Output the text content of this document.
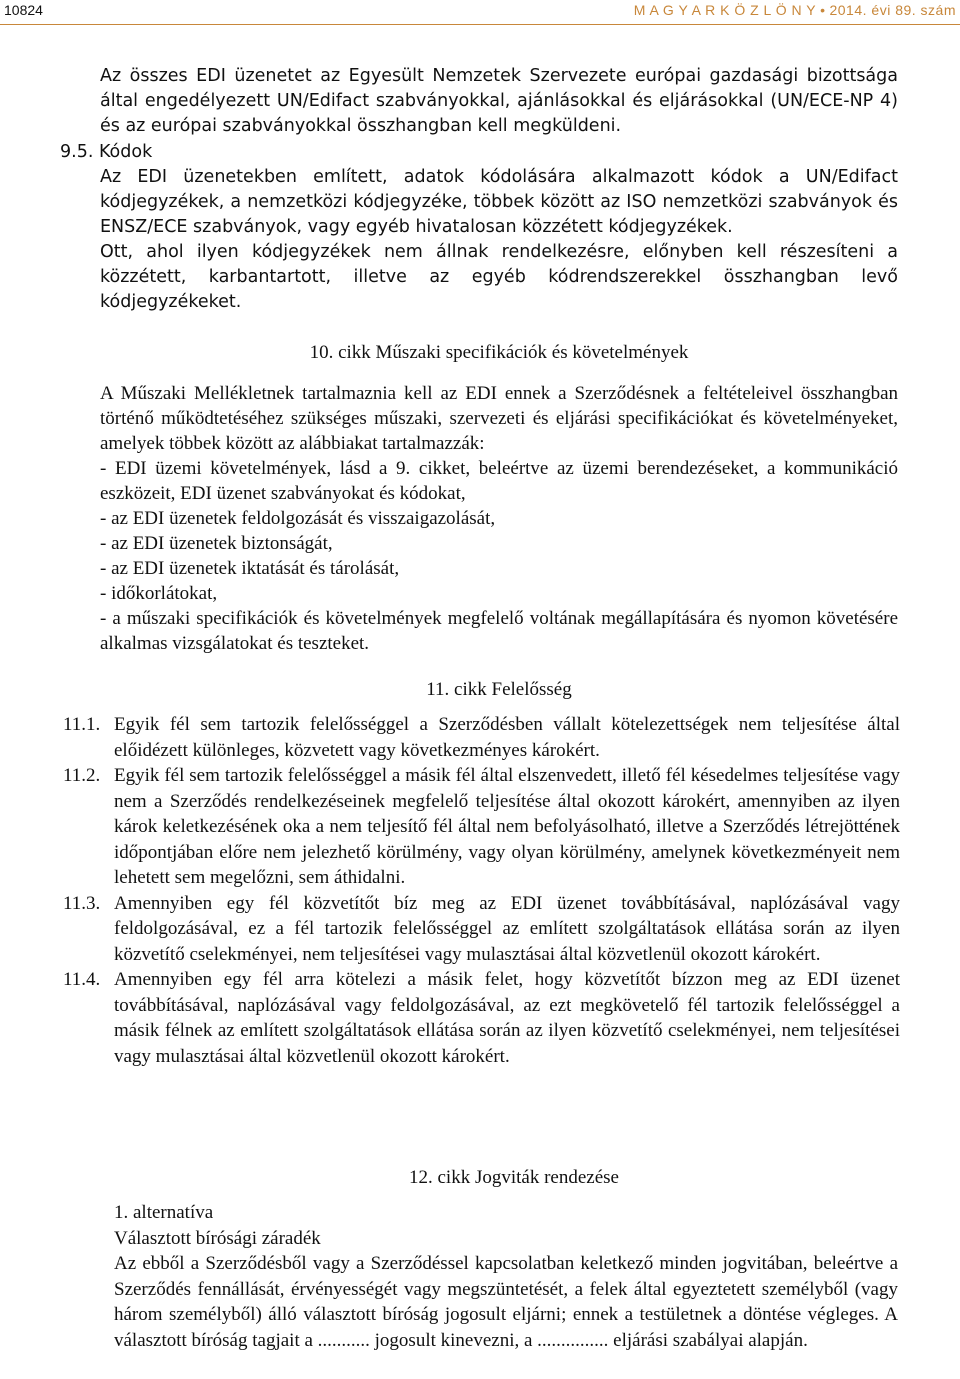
10824	M A G Y A R K Ö Z L Ö N Y • 2014. évi 89. szám

Az összes EDI üzenetet az Egyesült Nemzetek Szervezete európai gazdasági bizottsága által engedélyezett UN/Edifact szabványokkal, ajánlásokkal és eljárásokkal (UN/ECE-NP 4) és az európai szabványokkal összhangban kell megküldeni.

9.5. Kódok

Az EDI üzenetekben említett, adatok kódolására alkalmazott kódok a UN/Edifact kódjegyzékek, a nemzetközi kódjegyzéke, többek között az ISO nemzetközi szabványok és ENSZ/ECE szabványok, vagy egyéb hivatalosan közzétett kódjegyzékek.

Ott, ahol ilyen kódjegyzékek nem állnak rendelkezésre, előnyben kell részesíteni a közzétett, karbantartott, illetve az egyéb kódrendszerekkel összhangban levő kódjegyzékeket.

10. cikk Műszaki specifikációk és követelmények

A Műszaki Mellékletnek tartalmaznia kell az EDI ennek a Szerződésnek a feltételeivel összhangban történő működtetéséhez szükséges műszaki, szervezeti és eljárási specifikációkat és követelményeket, amelyek többek között az alábbiakat tartalmazzák:

- EDI üzemi követelmények, lásd a 9. cikket, beleértve az üzemi berendezéseket, a kommunikáció eszközeit, EDI üzenet szabványokat és kódokat,

- az EDI üzenetek feldolgozását és visszaigazolását,

- az EDI üzenetek biztonságát,

- az EDI üzenetek iktatását és tárolását,

- időkorlátokat,

- a műszaki specifikációk és követelmények megfelelő voltának megállapítására és nyomon követésére alkalmas vizsgálatokat és teszteket.

11. cikk Felelősség

11.1. Egyik fél sem tartozik felelősséggel a Szerződésben vállalt kötelezettségek nem teljesítése által előidézett különleges, közvetett vagy következményes károkért.
11.2. Egyik fél sem tartozik felelősséggel a másik fél által elszenvedett, illető fél késedelmes teljesítése vagy nem a Szerződés rendelkezéseinek megfelelő teljesítése által okozott károkért, amennyiben az ilyen károk keletkezésének oka a nem teljesítő fél által nem befolyásolható, illetve a Szerződés létrejöttének időpontjában előre nem jelezhető körülmény, vagy olyan körülmény, amelynek következményeit nem lehetett sem megelőzni, sem áthidalni.
11.3. Amennyiben egy fél közvetítőt bíz meg az EDI üzenet továbbításával, naplózásával vagy feldolgozásával, ez a fél tartozik felelősséggel az említett szolgáltatások ellátása során az ilyen közvetítő cselekményei, nem teljesítései vagy mulasztásai által közvetlenül okozott károkért.
11.4. Amennyiben egy fél arra kötelezi a másik felet, hogy közvetítőt bízzon meg az EDI üzenet továbbításával, naplózásával vagy feldolgozásával, az ezt megkövetelő fél tartozik felelősséggel a másik félnek az említett szolgáltatások ellátása során az ilyen közvetítő cselekményei, nem teljesítései vagy mulasztásai által közvetlenül okozott károkért.

12. cikk Jogviták rendezése

1. alternatíva

Választott bírósági záradék

Az ebből a Szerződésből vagy a Szerződéssel kapcsolatban keletkező minden jogvitában, beleértve a Szerződés fennállását, érvényességét vagy megszüntetését, a felek által egyeztetett személyből (vagy három személyből) álló választott bíróság jogosult eljárni; ennek a testületnek a döntése végleges. A választott bíróság tagjait a ........... jogosult kinevezni, a ............... eljárási szabályai alapján.
